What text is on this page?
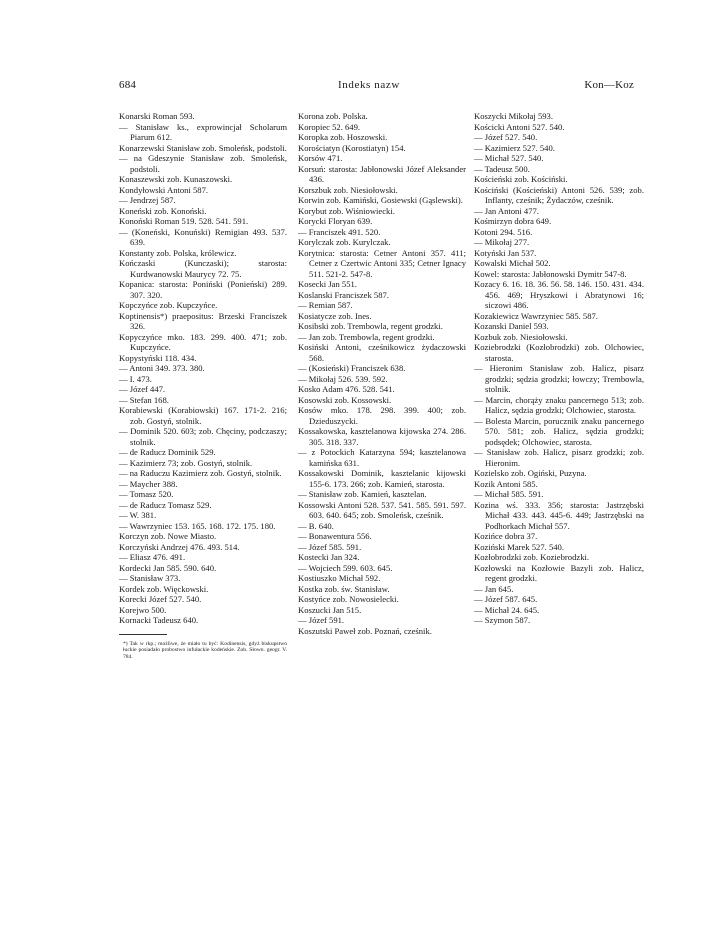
684	Indeks nazw	Kon—Koz
Konarski Roman 593.
— Stanisław ks., exprowincjał Scholarum Piarum 612.
Konarzewski Stanisław zob. Smoleńsk, podstoli.
— na Gdeszynie Stanisław zob. Smoleńsk, podstoli.
Konaszewski zob. Kunaszowski.
Kondyłowski Antoni 587.
— Jendrzej 587.
Koneński zob. Konoński.
Konoński Roman 519. 528. 541. 591.
— (Koneński, Konuński) Remigian 493. 537. 639.
Konstanty zob. Polska, królewicz.
Kończaski (Kunczaski); starosta: Kurdwanowski Maurycy 72. 75.
Kopanica: starosta: Poniński (Ponieński) 289. 307. 320.
Kopczyńce zob. Kupczyńce.
Koptinensis*) praepositus: Brzeski Franciszek 326.
Kopyczyńce mko. 183. 299. 400. 471; zob. Kupczyńce.
Kopystyński 118. 434.
— Antoni 349. 373. 380.
— I. 473.
— Józef 447.
— Stefan 168.
Korabiewski (Korabiowski) 167. 171-2. 216; zob. Gostyń, stolnik.
— Dominik 520. 603; zob. Chęciny, podczaszy; stolnik.
— de Raducz Dominik 529.
— Kazimierz 73; zob. Gostyń, stolnik.
— na Raduczu Kazimierz zob. Gostyń, stolnik.
— Maycher 388.
— Tomasz 520.
— de Raducz Tomasz 529.
— W. 381.
— Wawrzyniec 153. 165. 168. 172. 175. 180.
Korczyn zob. Nowe Miasto.
Korczyński Andrzej 476. 493. 514.
— Eliasz 476. 491.
Kordecki Jan 585. 590. 640.
— Stanisław 373.
Kordek zob. Więckowski.
Korecki Józef 527. 540.
Korejwo 500.
Kornacki Tadeusz 640.
*) Tak w rkp.; możliwe, że miało tu być: Kodinensis, gdyż biskupstwo łuckie posiadało probostwo infułackie kodeńskie. Zob. Słown. geogr. V. 784.
Korona zob. Polska.
Koropiec 52. 649.
Koropka zob. Hoszowski.
Korościatyn (Korostiatyn) 154.
Korsów 471.
Korsuń: starosta: Jabłonowski Józef Aleksander 436.
Korszbuk zob. Niesiołowski.
Korwin zob. Kamiński, Gosiewski (Gąslewski).
Korybut zob. Wiśniowiecki.
Korycki Floryan 639.
— Franciszek 491. 520.
Korylczak zob. Kurylczak.
Korytnica: starosta: Cetner Antoni 357. 411; Cetner z Czertwic Antoni 335; Cetner Ignacy 511. 521-2. 547-8.
Kosecki Jan 551.
Koslanski Franciszek 587.
— Remian 587.
Kosiatycze zob. Ines.
Kosibski zob. Trembowla, regent grodzki.
— Jan zob. Trembowla, regent grodzki.
Kosiński Antoni, cześnikowicz żydaczowski 568.
— (Kosieński) Franciszek 638.
— Mikołaj 526. 539. 592.
Kosko Adam 476. 528. 541.
Kosowski zob. Kossowski.
Kosów mko. 178. 298. 399. 400; zob. Dzieduszycki.
Kossakowska, kasztelanowa kijowska 274. 286. 305. 318. 337.
— z Potockich Katarzyna 594; kasztelanowa kamińska 631.
Kossakowski Dominik, kasztelanic kijowski 155-6. 173. 266; zob. Kamień, starosta.
— Stanisław zob. Kamień, kasztelan.
Kossowski Antoni 528. 537. 541. 585. 591. 597. 603. 640. 645; zob. Smoleńsk, cześnik.
— B. 640.
— Bonawentura 556.
— Józef 585. 591.
Kostecki Jan 324.
— Wojciech 599. 603. 645.
Kostiuszko Michał 592.
Kostka zob. św. Stanisław.
Kostyńce zob. Nowosielecki.
Koszucki Jan 515.
— Józef 591.
Koszutski Paweł zob. Poznań, cześnik.
Koszycki Mikołaj 593.
Kościcki Antoni 527. 540.
— Józef 527. 540.
— Kazimierz 527. 540.
— Michał 527. 540.
— Tadeusz 500.
Kościeński zob. Kościński.
Kościński (Kościeński) Antoni 526. 539; zob. Inflanty, cześnik; Żydaczów, cześnik.
— Jan Antoni 477.
Kośmirzyn dobra 649.
Kotoni 294. 516.
— Mikołaj 277.
Kotyński Jan 537.
Kowalski Michał 502.
Kowel: starosta: Jabłonowski Dymitr 547-8.
Kozacy 6. 16. 18. 36. 56. 58. 146. 150. 431. 434. 456. 469; Hryszkowi i Abratynowi 16; siczowi 486.
Kozakiewicz Wawrzyniec 585. 587.
Kozanski Daniel 593.
Kozbuk zob. Niesiołowski.
Koziebrodzki (Kozłobrodzki) zob. Olchowiec, starosta.
— Hieronim Stanisław zob. Halicz, pisarz grodzki; sędzia grodzki; łowczy; Trembowla, stolnik.
— Marcin, chorąży znaku pancernego 513; zob. Halicz, sędzia grodzki; Olchowiec, starosta.
— Bolesta Marcin, porucznik znaku pancernego 570. 581; zob. Halicz, sędzia grodzki; podsędek; Olchowiec, starosta.
— Stanisław zob. Halicz, pisarz grodzki; zob. Hieronim.
Kozielsko zob. Ogiński, Puzyna.
Kozik Antoni 585.
— Michał 585. 591.
Kozina wś. 333. 356; starosta: Jastrzębski Michał 433. 443. 445-6. 449; Jastrzębski na Podhorkach Michał 557.
Kozińce dobra 37.
Koziński Marek 527. 540.
Kozłobrodzki zob. Koziebrodzki.
Kozłowski na Kozłowie Bazyli zob. Halicz, regent grodzki.
— Jan 645.
— Józef 587. 645.
— Michał 24. 645.
— Szymon 587.
